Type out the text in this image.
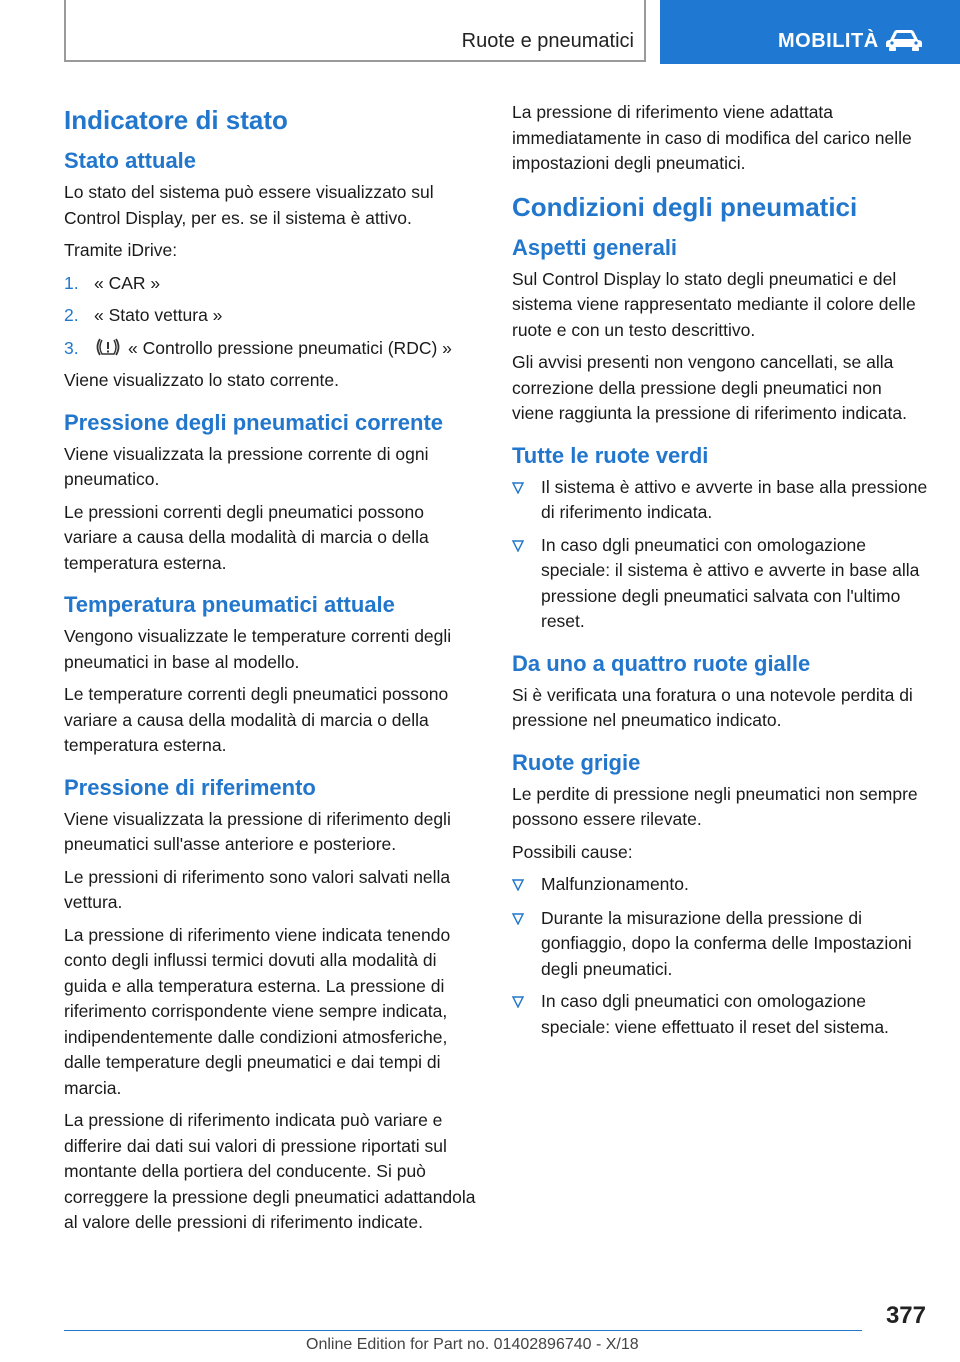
Ruote e pneumatici	MOBILITÀ
Indicatore di stato
Stato attuale

Lo stato del sistema può essere visualizzato sul Control Display, per es. se il sistema è attivo.

Tramite iDrive:

1. « CAR »
2. « Stato vettura »
3.	« Controllo pressione pneumatici (RDC) »

Viene visualizzato lo stato corrente.

Pressione degli pneumatici corrente

Viene visualizzata la pressione corrente di ogni pneumatico.

Le pressioni correnti degli pneumatici possono variare a causa della modalità di marcia o della temperatura esterna.

Temperatura pneumatici attuale

Vengono visualizzate le temperature correnti degli pneumatici in base al modello.

Le temperature correnti degli pneumatici possono variare a causa della modalità di marcia o della temperatura esterna.

Pressione di riferimento

Viene visualizzata la pressione di riferimento degli pneumatici sull'asse anteriore e posteriore.

Le pressioni di riferimento sono valori salvati nella vettura.

La pressione di riferimento viene indicata tenendo conto degli influssi termici dovuti alla modalità di guida e alla temperatura esterna. La pressione di riferimento corrispondente viene sempre indicata, indipendentemente dalle condizioni atmosferiche, dalle temperature degli pneumatici e dai tempi di marcia.

La pressione di riferimento indicata può variare e differire dai dati sui valori di pressione riportati sul montante della portiera del conducente. Si può correggere la pressione degli pneumatici adattandola al valore delle pressioni di riferimento indicate.

La pressione di riferimento viene adattata immediatamente in caso di modifica del carico nelle impostazioni degli pneumatici.

Condizioni degli pneumatici
Aspetti generali

Sul Control Display lo stato degli pneumatici e del sistema viene rappresentato mediante il colore delle ruote e con un testo descrittivo.

Gli avvisi presenti non vengono cancellati, se alla correzione della pressione degli pneumatici non viene raggiunta la pressione di riferimento indicata.

Tutte le ruote verdi
Il sistema è attivo e avverte in base alla pressione di riferimento indicata.
In caso dgli pneumatici con omologazione speciale: il sistema è attivo e avverte in base alla pressione degli pneumatici salvata con l'ultimo reset.
Da uno a quattro ruote gialle

Si è verificata una foratura o una notevole perdita di pressione nel pneumatico indicato.

Ruote grigie

Le perdite di pressione negli pneumatici non sempre possono essere rilevate.

Possibili cause:

Malfunzionamento.
Durante la misurazione della pressione di gonfiaggio, dopo la conferma delle Impostazioni degli pneumatici.
In caso dgli pneumatici con omologazione speciale: viene effettuato il reset del sistema.
377
Online Edition for Part no. 01402896740 - X/18
